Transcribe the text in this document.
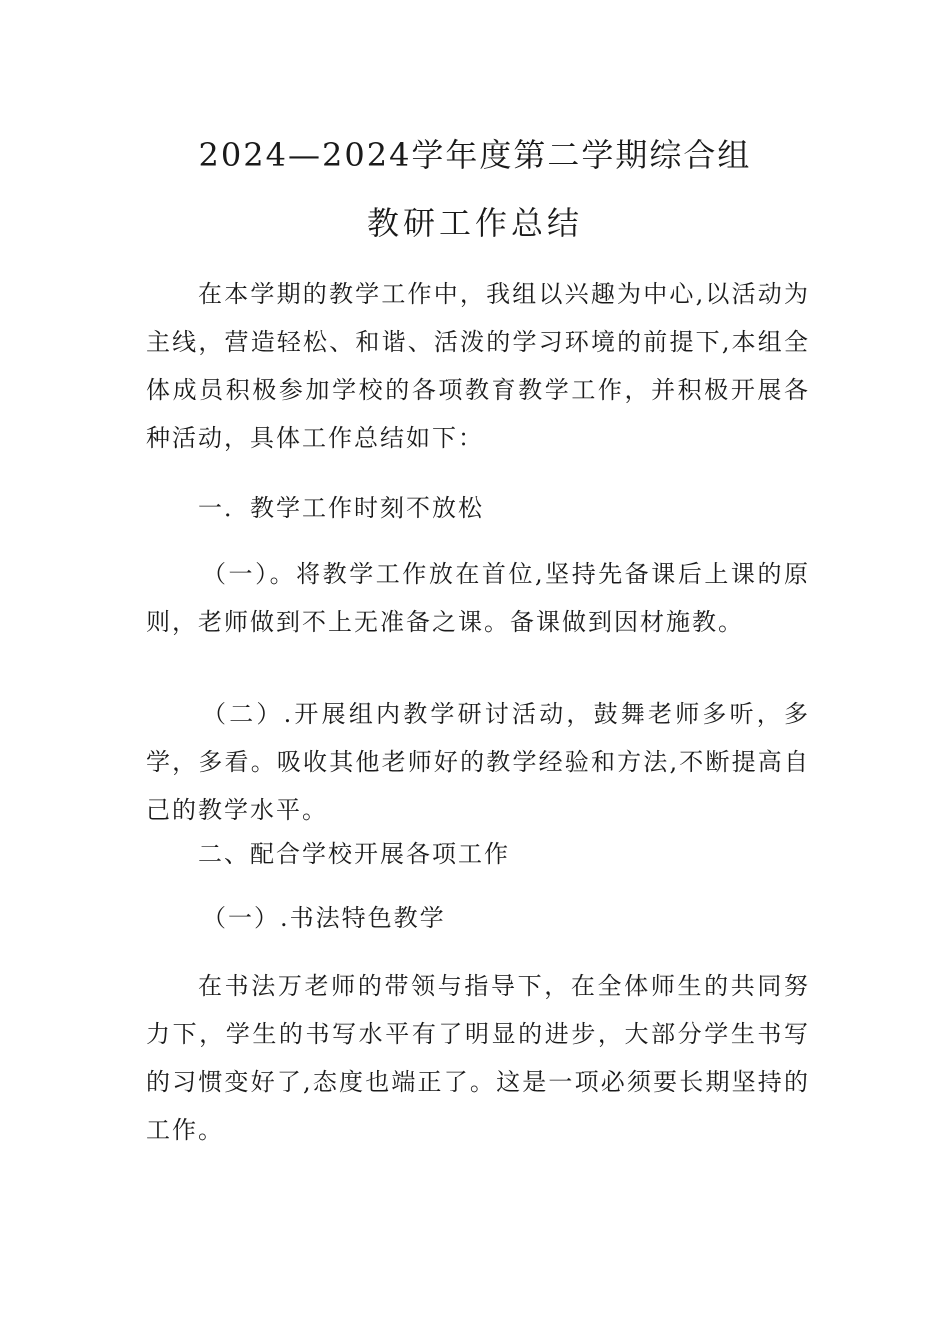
2024—2024学年度第二学期综合组
教研工作总结

在本学期的教学工作中，我组以兴趣为中心,以活动为主线，营造轻松、和谐、活泼的学习环境的前提下,本组全体成员积极参加学校的各项教育教学工作，并积极开展各种活动，具体工作总结如下：

一．教学工作时刻不放松

（一）。将教学工作放在首位,坚持先备课后上课的原则，老师做到不上无准备之课。备课做到因材施教。

（二）.开展组内教学研讨活动，鼓舞老师多听，多学，多看。吸收其他老师好的教学经验和方法,不断提高自己的教学水平。

二、配合学校开展各项工作

（一）.书法特色教学

在书法万老师的带领与指导下，在全体师生的共同努力下，学生的书写水平有了明显的进步，大部分学生书写的习惯变好了,态度也端正了。这是一项必须要长期坚持的工作。
